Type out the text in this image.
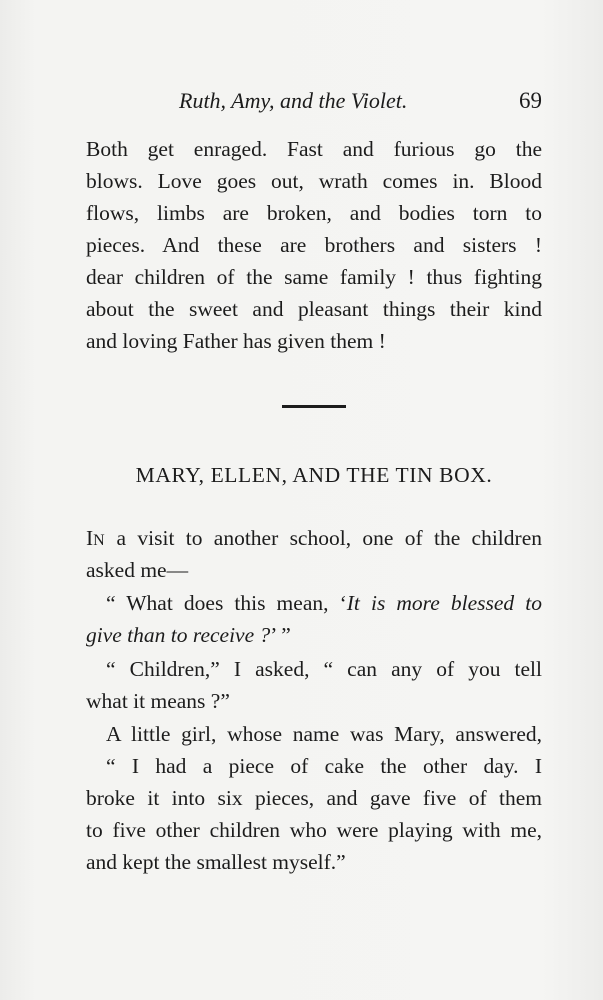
Ruth, Amy, and the Violet.	69
Both get enraged. Fast and furious go the
blows. Love goes out, wrath comes in. Blood
flows, limbs are broken, and bodies torn to
pieces. And these are brothers and sisters !
dear children of the same family ! thus fighting
about the sweet and pleasant things their kind
and loving Father has given them !
MARY, ELLEN, AND THE TIN BOX.
IN a visit to another school, one of the children
asked me—
“ What does this mean, ‘It is more blessed to
give than to receive ?’ ”
“ Children,” I asked, “ can any of you tell
what it means ?”
A little girl, whose name was Mary, answered,
“ I had a piece of cake the other day. I
broke it into six pieces, and gave five of them
to five other children who were playing with me,
and kept the smallest myself.”
